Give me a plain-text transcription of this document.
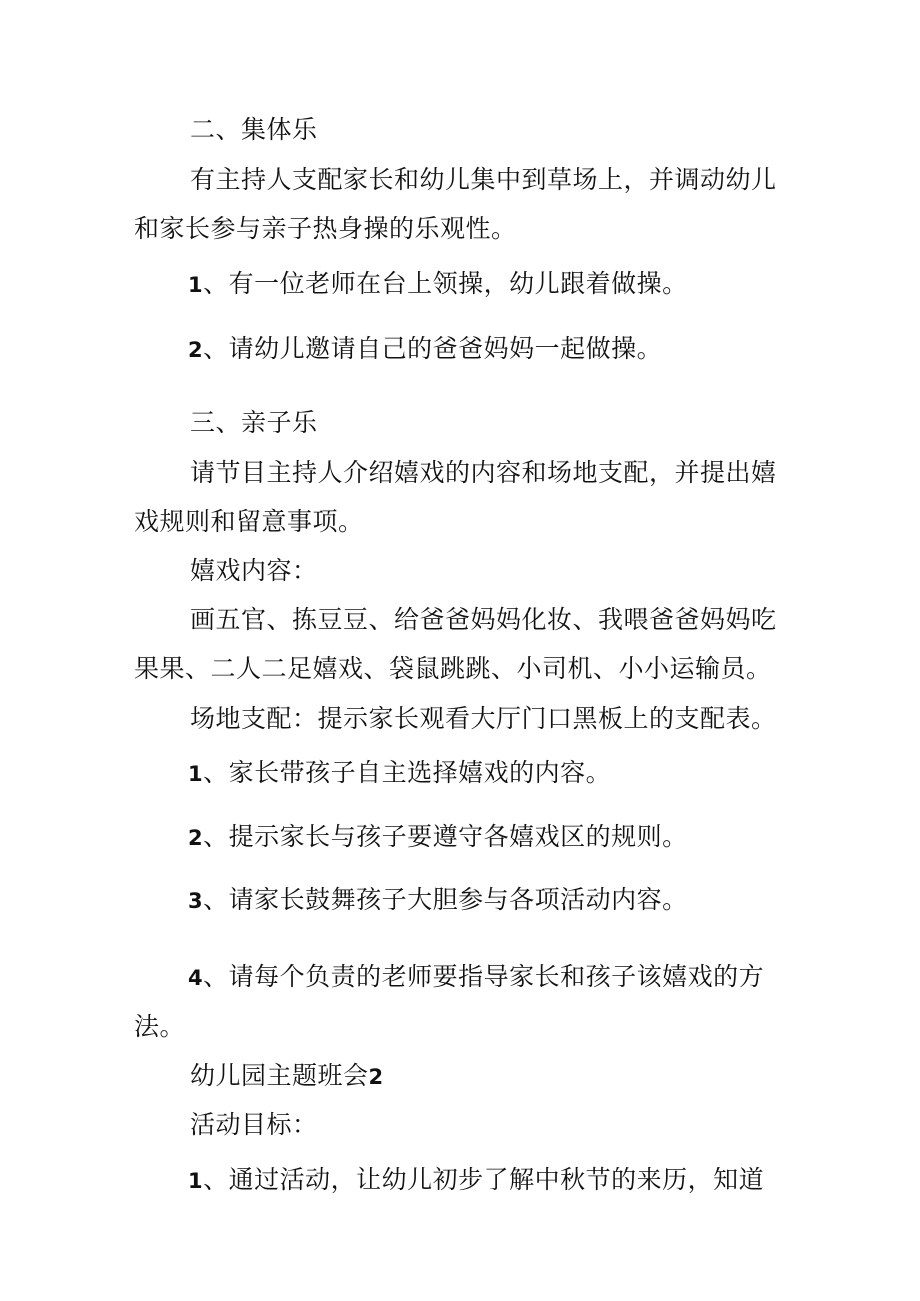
二、集体乐
有主持人支配家长和幼儿集中到草场上，并调动幼儿
和家长参与亲子热身操的乐观性。
1、有一位老师在台上领操，幼儿跟着做操。
2、请幼儿邀请自己的爸爸妈妈一起做操。
三、亲子乐
请节目主持人介绍嬉戏的内容和场地支配，并提出嬉
戏规则和留意事项。
嬉戏内容：
画五官、拣豆豆、给爸爸妈妈化妆、我喂爸爸妈妈吃
果果、二人二足嬉戏、袋鼠跳跳、小司机、小小运输员。
场地支配：提示家长观看大厅门口黑板上的支配表。
1、家长带孩子自主选择嬉戏的内容。
2、提示家长与孩子要遵守各嬉戏区的规则。
3、请家长鼓舞孩子大胆参与各项活动内容。
4、请每个负责的老师要指导家长和孩子该嬉戏的方
法。
幼儿园主题班会2
活动目标：
1、通过活动，让幼儿初步了解中秋节的来历，知道
